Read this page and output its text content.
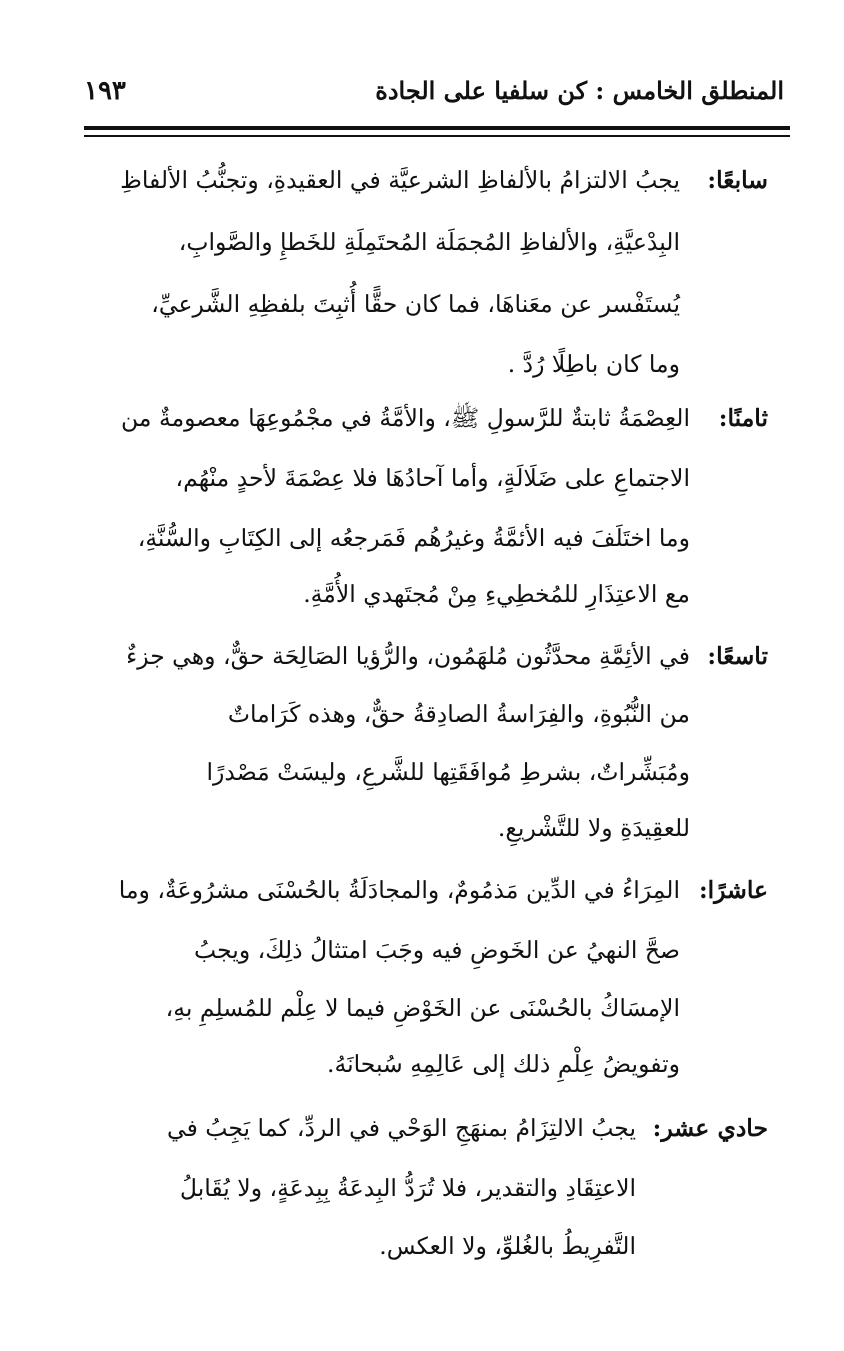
المنطلق الخامس : كن سلفيا على الجادة
١٩٣
سابعًا:
يجبُ الالتزامُ بالألفاظِ الشرعيَّة في العقيدةِ، وتجنُّبُ الألفاظِ
البِدْعيَّةِ، والألفاظِ المُجمَلَة المُحتَمِلَةِ للخَطإِ والصَّوابِ،
يُستَفْسر عن معَناهَا، فما كان حقًّا أُثبِتَ بلفظِهِ الشَّرعيِّ،
وما كان باطِلًا رُدَّ .
ثامنًا:
العِصْمَةُ ثابتةٌ للرَّسولِ ﷺ، والأمَّةُ في مجْمُوعِهَا معصومةٌ من
الاجتماعِ على ضَلَالَةٍ، وأما آحادُهَا فلا عِصْمَةَ لأحدٍ منْهُم،
وما اختَلَفَ فيه الأئمَّةُ وغيرُهُم فَمَرجعُه إلى الكِتَابِ والسُّنَّةِ،
مع الاعتِذَارِ للمُخطِيءِ مِنْ مُجتَهدي الأُمَّةِ.
تاسعًا:
في الأئِمَّةِ محدَّثُون مُلهَمُون، والرُّؤيا الصَالِحَة حقٌّ، وهي جزءٌ
من النُّبُوةِ، والفِرَاسةُ الصادِقةُ حقٌّ، وهذه كَرَاماتٌ
ومُبَشِّراتٌ، بشرطِ مُوافَقَتِها للشَّرعِ، وليسَتْ مَصْدرًا
للعقِيدَةِ ولا للتَّشْريعِ.
عاشرًا:
المِرَاءُ في الدِّين مَذمُومٌ، والمجادَلَةُ بالحُسْنَى مشرُوعَةٌ، وما
صحَّ النهيُ عن الخَوضِ فيه وجَبَ امتثالُ ذلِكَ، ويجبُ
الإمسَاكُ بالحُسْنَى عن الخَوْضِ فيما لا عِلْم للمُسلِمِ بهِ،
وتفويضُ عِلْمِ ذلك إلى عَالِمِهِ سُبحانَهُ.
حادي عشر:
يجبُ الالتِزَامُ بمنهَجِ الوَحْي في الردِّ، كما يَجِبُ في
الاعتِقَادِ والتقدير، فلا تُرَدُّ البِدعَةُ بِبِدعَةٍ، ولا يُقَابلُ
التَّفرِيطُ بالغُلوِّ، ولا العكس.
